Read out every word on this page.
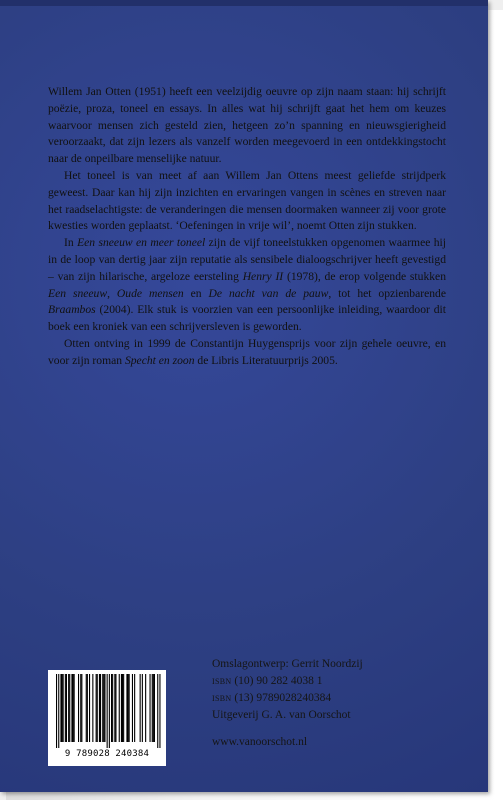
Willem Jan Otten (1951) heeft een veelzijdig oeuvre op zijn naam staan: hij schrijft poëzie, proza, toneel en essays. In alles wat hij schrijft gaat het hem om keuzes waarvoor mensen zich gesteld zien, hetgeen zo’n spanning en nieuwsgierigheid veroorzaakt, dat zijn lezers als vanzelf worden meegevoerd in een ontdekkingstocht naar de onpeilbare menselijke natuur.

Het toneel is van meet af aan Willem Jan Ottens meest geliefde strijdperk geweest. Daar kan hij zijn inzichten en ervaringen vangen in scènes en streven naar het raadselachtigste: de veranderingen die mensen doormaken wanneer zij voor grote kwesties worden geplaatst. ‘Oefeningen in vrije wil’, noemt Otten zijn stukken.

In Een sneeuw en meer toneel zijn de vijf toneelstukken opgenomen waarmee hij in de loop van dertig jaar zijn reputatie als sensibele dialoogschrijver heeft gevestigd – van zijn hilarische, argeloze eersteling Henry II (1978), de erop volgende stukken Een sneeuw, Oude mensen en De nacht van de pauw, tot het opzienbarende Braambos (2004). Elk stuk is voorzien van een persoonlijke inleiding, waardoor dit boek een kroniek van een schrijversleven is geworden.

Otten ontving in 1999 de Constantijn Huygensprijs voor zijn gehele oeuvre, en voor zijn roman Specht en zoon de Libris Literatuurprijs 2005.

Omslagontwerp: Gerrit Noordzij
isbn (10) 90 282 4038 1
isbn (13) 9789028240384
Uitgeverij G. A. van Oorschot
www.vanoorschot.nl
9 789028 240384
